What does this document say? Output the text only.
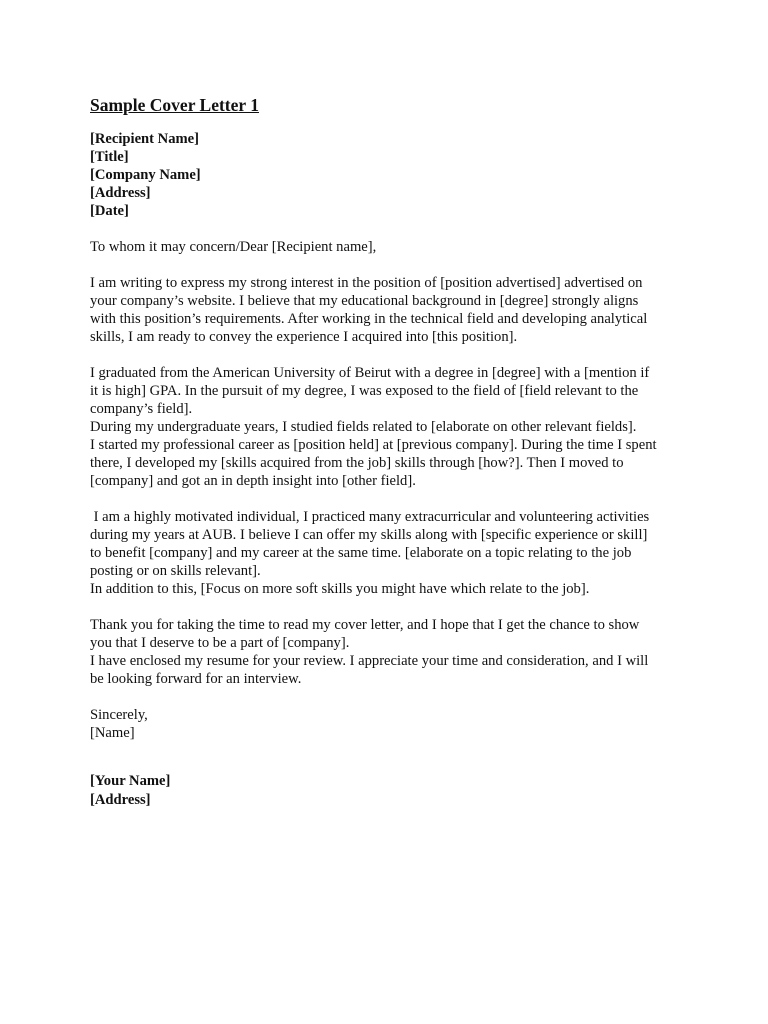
Sample Cover Letter 1
[Recipient Name]
[Title]
[Company Name]
[Address]
[Date]
To whom it may concern/Dear [Recipient name],
I am writing to express my strong interest in the position of [position advertised] advertised on
your company’s website. I believe that my educational background in [degree] strongly aligns
with this position’s requirements. After working in the technical field and developing analytical
skills, I am ready to convey the experience I acquired into [this position].
I graduated from the American University of Beirut with a degree in [degree] with a [mention if
it is high] GPA. In the pursuit of my degree, I was exposed to the field of [field relevant to the
company’s field].
During my undergraduate years, I studied fields related to [elaborate on other relevant fields].
I started my professional career as [position held] at [previous company]. During the time I spent
there, I developed my [skills acquired from the job] skills through [how?]. Then I moved to
[company] and got an in depth insight into [other field].
I am a highly motivated individual, I practiced many extracurricular and volunteering activities
during my years at AUB. I believe I can offer my skills along with [specific experience or skill]
to benefit [company] and my career at the same time. [elaborate on a topic relating to the job
posting or on skills relevant].
In addition to this, [Focus on more soft skills you might have which relate to the job].
Thank you for taking the time to read my cover letter, and I hope that I get the chance to show
you that I deserve to be a part of [company].
I have enclosed my resume for your review. I appreciate your time and consideration, and I will
be looking forward for an interview.
Sincerely,
[Name]
[Your Name]
[Address]
